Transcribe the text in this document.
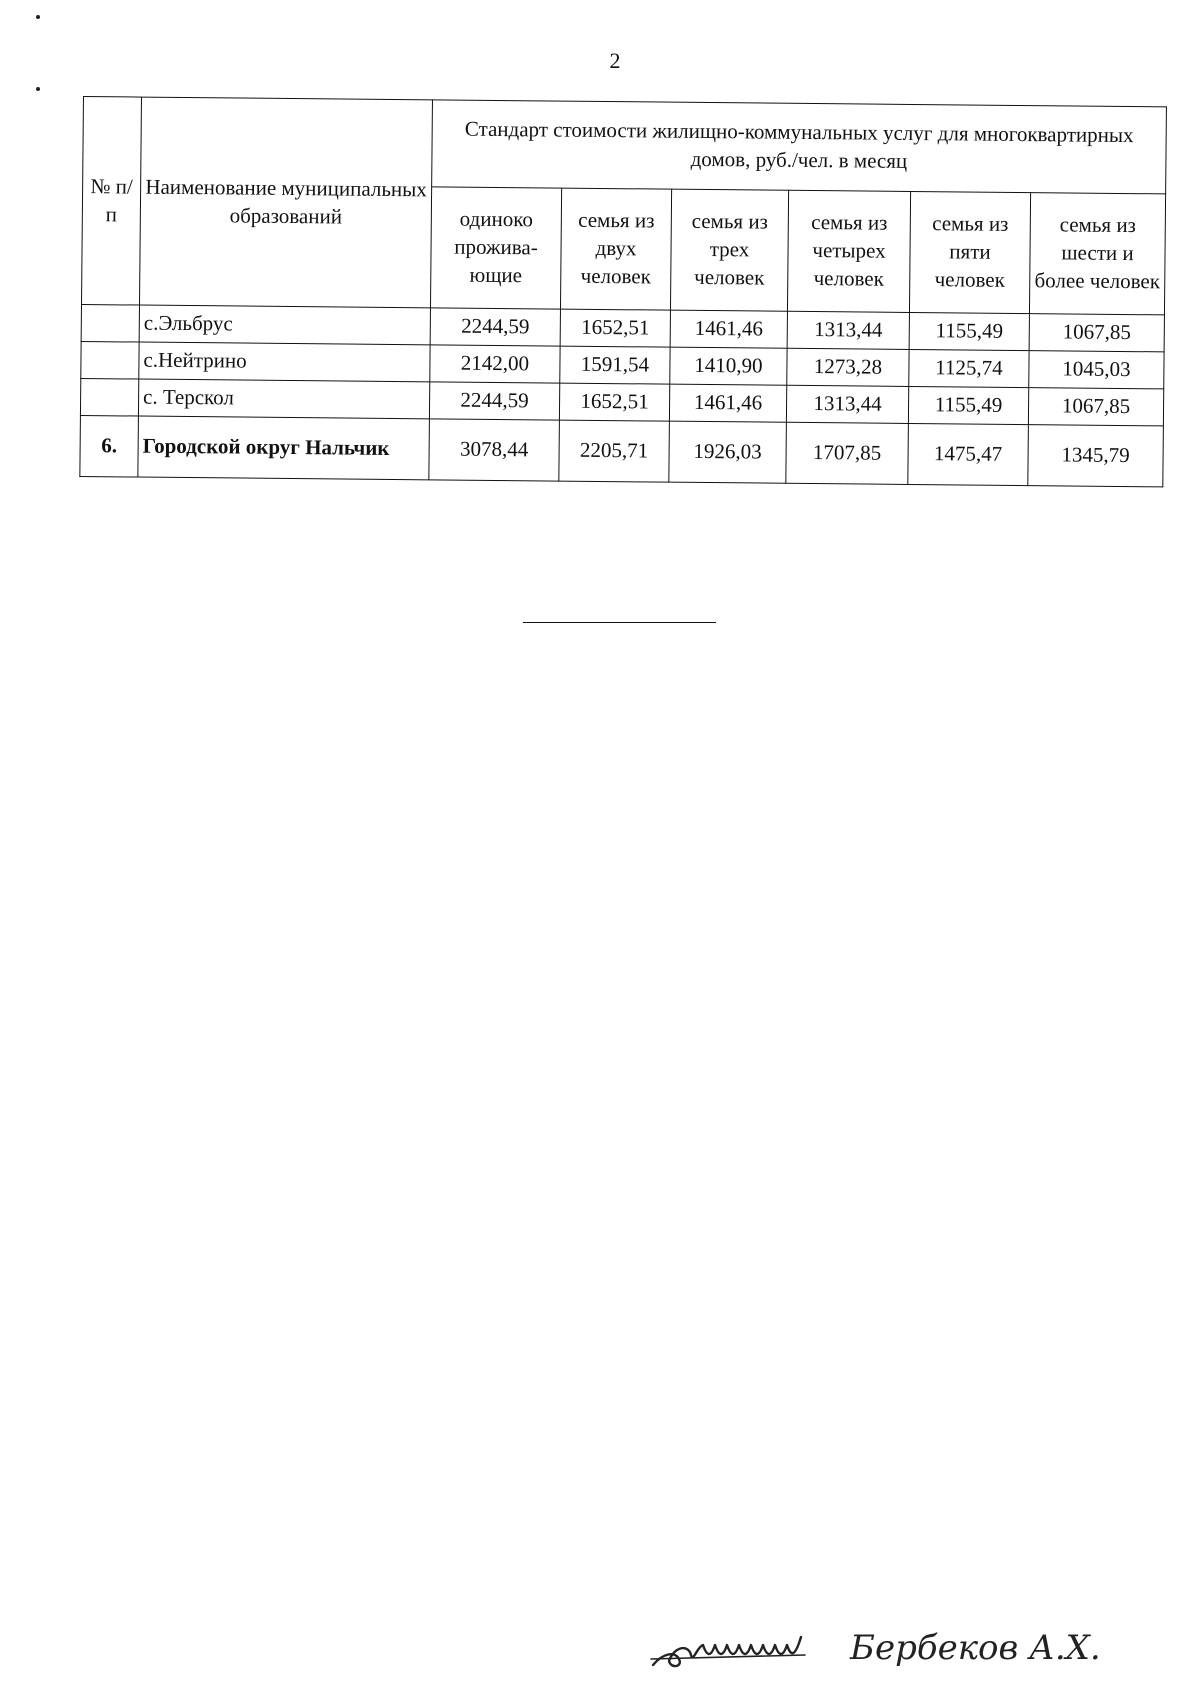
2
№ п/п	Наименование муниципальных образований	Стандарт стоимости жилищно-коммунальных услуг для многоквартирных домов, руб./чел. в месяц					
		одиноко прожива-ющие	семья из двух человек	семья из трех человек	семья из четырех человек	семья из пяти человек	семья из шести и более человек
	с.Эльбрус	2244,59	1652,51	1461,46	1313,44	1155,49	1067,85
	с.Нейтрино	2142,00	1591,54	1410,90	1273,28	1125,74	1045,03
	с. Терскол	2244,59	1652,51	1461,46	1313,44	1155,49	1067,85
6.	Городской округ Нальчик	3078,44	2205,71	1926,03	1707,85	1475,47	1345,79
Бербеков А.Х.
